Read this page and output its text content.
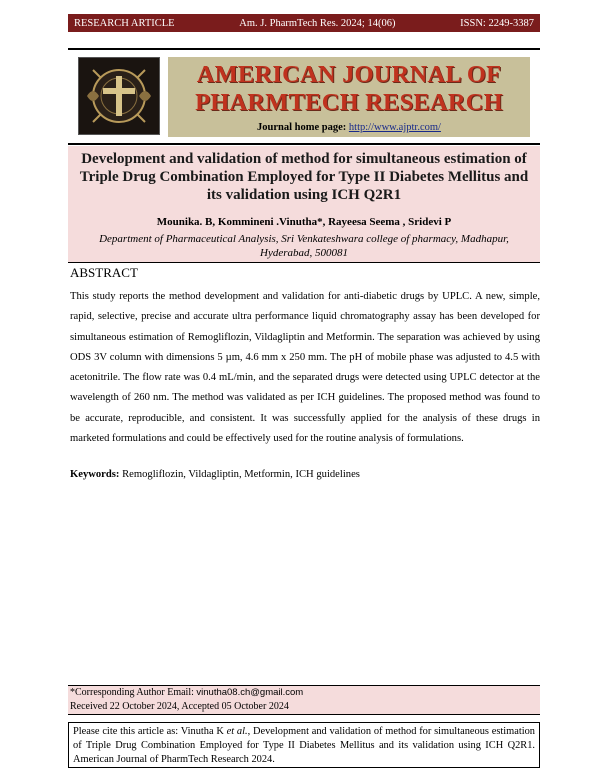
RESEARCH ARTICLE	Am. J. PharmTech Res. 2024; 14(06)	ISSN: 2249-3387
AMERICAN JOURNAL OF
PHARMTECH RESEARCH
Journal home page: http://www.ajptr.com/
Development and validation of method for simultaneous estimation of Triple Drug Combination Employed for Type II Diabetes Mellitus and its validation using ICH Q2R1
Mounika. B, Kommineni .Vinutha*, Rayeesa Seema , Sridevi P
Department of Pharmaceutical Analysis, Sri Venkateshwara college of pharmacy, Madhapur, Hyderabad, 500081
ABSTRACT
This study reports the method development and validation for anti-diabetic drugs by UPLC. A new, simple, rapid, selective, precise and accurate ultra performance liquid chromatography assay has been developed for simultaneous estimation of Remogliflozin, Vildagliptin and Metformin. The separation was achieved by using ODS 3V column with dimensions 5 µm, 4.6 mm x 250 mm. The pH of mobile phase was adjusted to 4.5 with acetonitrile. The flow rate was 0.4 mL/min, and the separated drugs were detected using UPLC detector at the wavelength of 260 nm. The method was validated as per ICH guidelines. The proposed method was found to be accurate, reproducible, and consistent. It was successfully applied for the analysis of these drugs in marketed formulations and could be effectively used for the routine analysis of formulations.
Keywords: Remogliflozin, Vildagliptin, Metformin, ICH guidelines
*Corresponding Author Email: vinutha08.ch@gmail.com
Received 22 October 2024, Accepted 05 October 2024
Please cite this article as: Vinutha K et al., Development and validation of method for simultaneous estimation of Triple Drug Combination Employed for Type II Diabetes Mellitus and its validation using ICH Q2R1. American Journal of PharmTech Research 2024.
